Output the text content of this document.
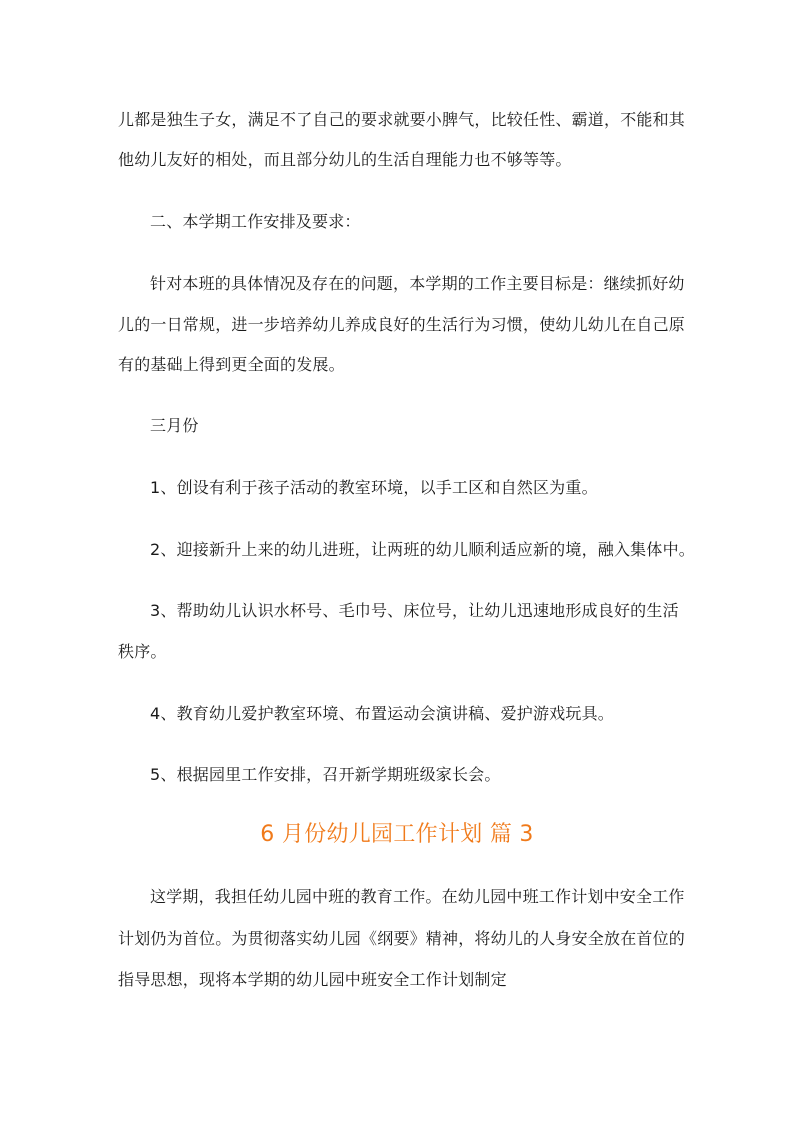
儿都是独生子女，满足不了自己的要求就要小脾气，比较任性、霸道，不能和其
他幼儿友好的相处，而且部分幼儿的生活自理能力也不够等等。
二、本学期工作安排及要求：
针对本班的具体情况及存在的问题，本学期的工作主要目标是：继续抓好幼
儿的一日常规，进一步培养幼儿养成良好的生活行为习惯，使幼儿幼儿在自己原
有的基础上得到更全面的发展。
三月份
1、创设有利于孩子活动的教室环境，以手工区和自然区为重。
2、迎接新升上来的幼儿进班，让两班的幼儿顺利适应新的境，融入集体中。
3、帮助幼儿认识水杯号、毛巾号、床位号，让幼儿迅速地形成良好的生活
秩序。
4、教育幼儿爱护教室环境、布置运动会演讲稿、爱护游戏玩具。
5、根据园里工作安排，召开新学期班级家长会。
6 月份幼儿园工作计划 篇 3
这学期，我担任幼儿园中班的教育工作。在幼儿园中班工作计划中安全工作
计划仍为首位。为贯彻落实幼儿园《纲要》精神，将幼儿的人身安全放在首位的
指导思想，现将本学期的幼儿园中班安全工作计划制定
